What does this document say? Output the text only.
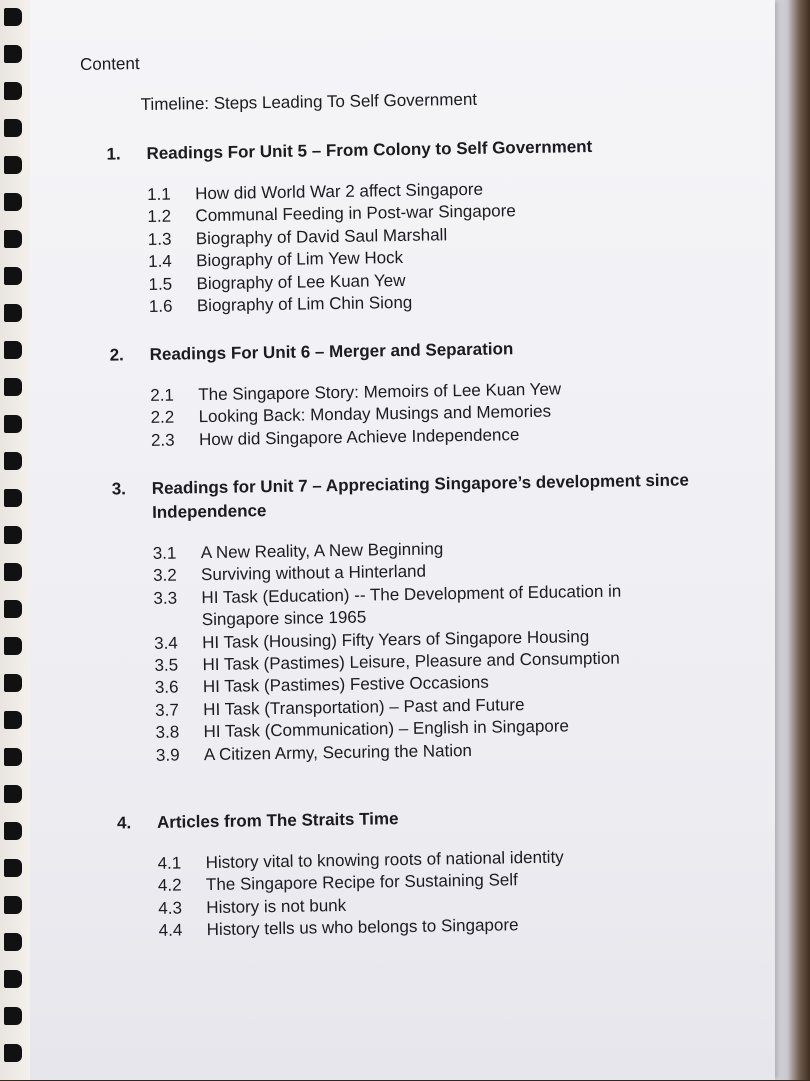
Content
Timeline: Steps Leading To Self Government
1.	Readings For Unit 5 – From Colony to Self Government
1.1	How did World War 2 affect Singapore
1.2	Communal Feeding in Post-war Singapore
1.3	Biography of David Saul Marshall
1.4	Biography of Lim Yew Hock
1.5	Biography of Lee Kuan Yew
1.6	Biography of Lim Chin Siong
2.	Readings For Unit 6 – Merger and Separation
2.1	The Singapore Story: Memoirs of Lee Kuan Yew
2.2	Looking Back: Monday Musings and Memories
2.3	How did Singapore Achieve Independence
3.	Readings for Unit 7 – Appreciating Singapore’s development since Independence
3.1	A New Reality, A New Beginning
3.2	Surviving without a Hinterland
3.3	HI Task (Education) -- The Development of Education in Singapore since 1965
3.4	HI Task (Housing) Fifty Years of Singapore Housing
3.5	HI Task (Pastimes) Leisure, Pleasure and Consumption
3.6	HI Task (Pastimes) Festive Occasions
3.7	HI Task (Transportation) – Past and Future
3.8	HI Task (Communication) – English in Singapore
3.9	A Citizen Army, Securing the Nation
4.	Articles from The Straits Time
4.1	History vital to knowing roots of national identity
4.2	The Singapore Recipe for Sustaining Self
4.3	History is not bunk
4.4	History tells us who belongs to Singapore
